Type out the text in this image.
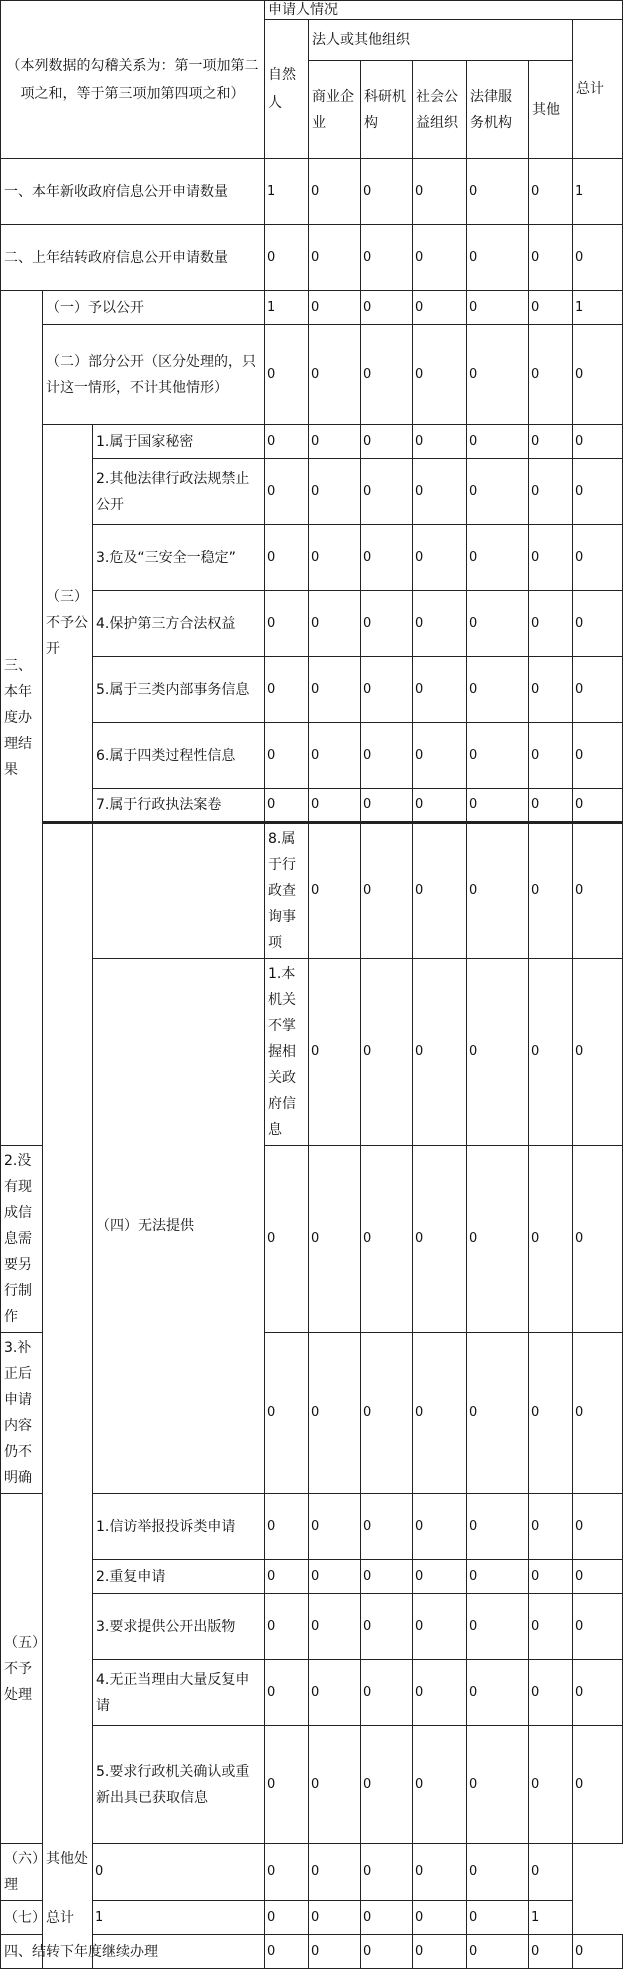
（本列数据的勾稽关系为：第一项加第二项之和，等于第三项加第四项之和）			申请人情况							
			自然人	法人或其他组织					总计	
				商业企业	科研机构	社会公益组织	法律服务机构	其他		
一、本年新收政府信息公开申请数量			1	0	0	0	0	0	1	
二、上年结转政府信息公开申请数量			0	0	0	0	0	0	0	
三、本年度办理结果	（一）予以公开		1	0	0	0	0	0	1	
	（二）部分公开（区分处理的，只计这一情形，不计其他情形）		0	0	0	0	0	0	0	
	（三）不予公开	1.属于国家秘密	0	0	0	0	0	0	0	
		2.其他法律行政法规禁止公开	0	0	0	0	0	0	0	
		3.危及“三安全一稳定”	0	0	0	0	0	0	0	
		4.保护第三方合法权益	0	0	0	0	0	0	0	
		5.属于三类内部事务信息	0	0	0	0	0	0	0	
		6.属于四类过程性信息	0	0	0	0	0	0	0	
		7.属于行政执法案卷	0	0	0	0	0	0	0	
			8.属于行政查询事项	0	0	0	0	0	0	
		（四）无法提供	1.本机关不掌握相关政府信息	0	0	0	0	0	0	
2.没有现成信息需要另行制作			0	0	0	0	0	0	0	
3.补正后申请内容仍不明确			0	0	0	0	0	0	0	
（五）不予处理		1.信访举报投诉类申请	0	0	0	0	0	0	0	
		2.重复申请	0	0	0	0	0	0	0	
		3.要求提供公开出版物	0	0	0	0	0	0	0	
		4.无正当理由大量反复申请	0	0	0	0	0	0	0	
		5.要求行政机关确认或重新出具已获取信息	0	0	0	0	0	0	0	
（六）其他处理		0	0	0	0	0	0	0		
（七）总计		1	0	0	0	0	0	1		
四、结转下年度继续办理			0	0	0	0	0	0	0	
